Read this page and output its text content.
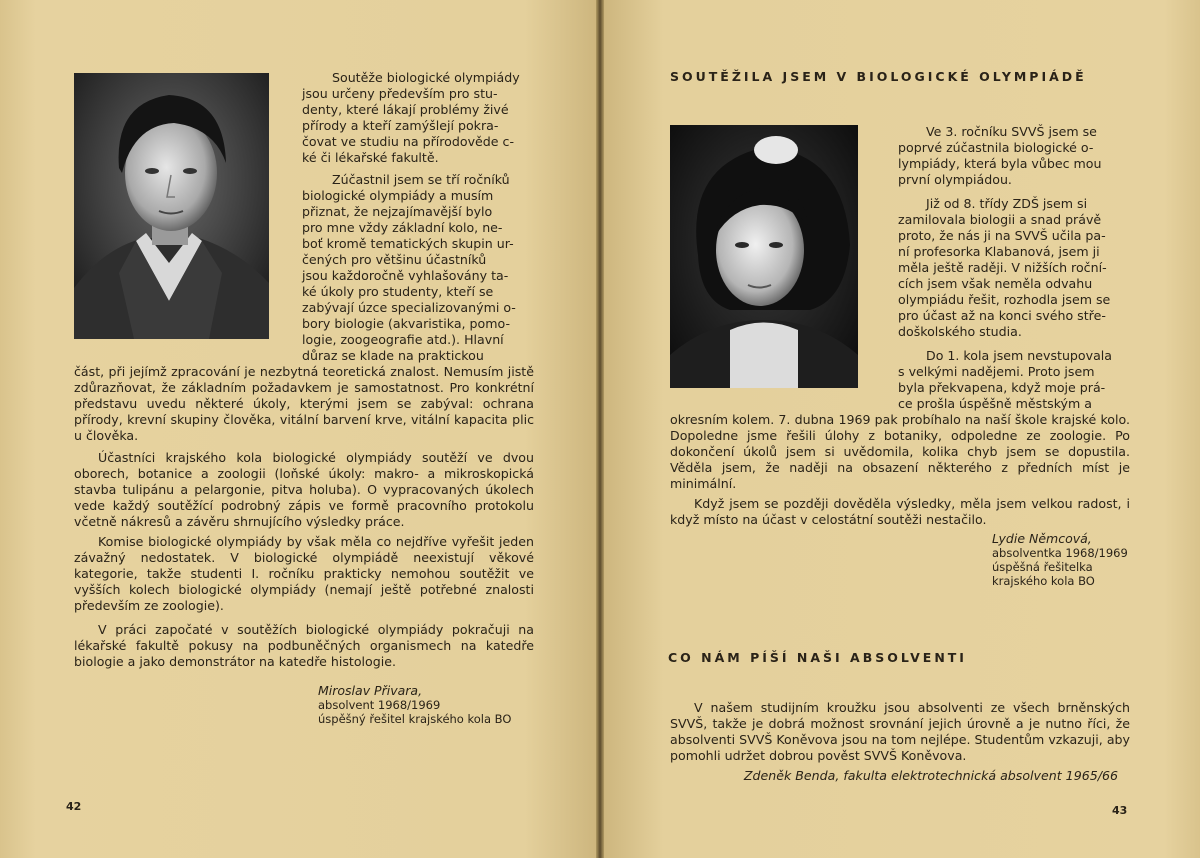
Soutěže biologické olympiády

jsou určeny především pro stu-

denty, které lákají problémy živé

přírody a kteří zamýšlejí pokra-

čovat ve studiu na přírodověde c-

ké či lékařské fakultě.

Zúčastnil jsem se tří ročníků

biologické olympiády a musím

přiznat, že nejzajímavější bylo

pro mne vždy základní kolo, ne-

boť kromě tematických skupin ur-

čených pro většinu účastníků

jsou každoročně vyhlašovány ta-

ké úkoly pro studenty, kteří se

zabývají úzce specializovanými o-

bory biologie (akvaristika, pomo-

logie, zoogeografie atd.). Hlavní

důraz se klade na praktickou

část, při jejímž zpracování je nezbytná teoretická znalost. Nemusím jistě zdůrazňovat, že základním požadavkem je samostatnost. Pro konkrétní představu uvedu některé úkoly, kterými jsem se zabýval: ochrana přírody, krevní skupiny člověka, vitální barvení krve, vitální kapacita plic u člověka.

Účastníci krajského kola biologické olympiády soutěží ve dvou oborech, botanice a zoologii (loňské úkoly: makro- a mikroskopická stavba tulipánu a pelargonie, pitva holuba). O vypracovaných úkolech vede každý soutěžící podrobný zápis ve formě pracovního protokolu včetně nákresů a závěru shrnujícího výsledky práce.

Komise biologické olympiády by však měla co nejdříve vyřešit jeden závažný nedostatek. V biologické olympiádě neexistují věkové kategorie, takže studenti I. ročníku prakticky nemohou soutěžit ve vyšších kolech biologické olympiády (nemají ještě potřebné znalosti především ze zoologie).

V práci započaté v soutěžích biologické olympiády pokračuji na lékařské fakultě pokusy na podbuněčných organismech na katedře biologie a jako demonstrátor na katedře histologie.

Miroslav Přivara,
absolvent 1968/1969
úspěšný řešitel krajského kola BO
42
SOUTĚŽILA JSEM V BIOLOGICKÉ OLYMPIÁDĚ

Ve 3. ročníku SVVŠ jsem se

poprvé zúčastnila biologické o-

lympiády, která byla vůbec mou

první olympiádou.

Již od 8. třídy ZDŠ jsem si

zamilovala biologii a snad právě

proto, že nás ji na SVVŠ učila pa-

ní profesorka Klabanová, jsem ji

měla ještě raději. V nižších roční-

cích jsem však neměla odvahu

olympiádu řešit, rozhodla jsem se

pro účast až na konci svého stře-

doškolského studia.

Do 1. kola jsem nevstupovala

s velkými nadějemi. Proto jsem

byla překvapena, když moje prá-

ce prošla úspěšně městským a

okresním kolem. 7. dubna 1969 pak probíhalo na naší škole krajské kolo. Dopoledne jsme řešili úlohy z botaniky, odpoledne ze zoologie. Po dokončení úkolů jsem si uvědomila, kolika chyb jsem se dopustila. Věděla jsem, že naději na obsazení některého z předních míst je minimální.

Když jsem se později dověděla výsledky, měla jsem velkou radost, i když místo na účast v celostátní soutěži nestačilo.

Lydie Němcová,
absolventka 1968/1969
úspěšná řešitelka
krajského kola BO
CO NÁM PÍŠÍ NAŠI ABSOLVENTI

V našem studijním kroužku jsou absolventi ze všech brněnských SVVŠ, takže je dobrá možnost srovnání jejich úrovně a je nutno říci, že absolventi SVVŠ Koněvova jsou na tom nejlépe. Studentům vzkazuji, aby pomohli udržet dobrou pověst SVVŠ Koněvova.

Zdeněk Benda, fakulta elektrotechnická absolvent 1965/66

43
